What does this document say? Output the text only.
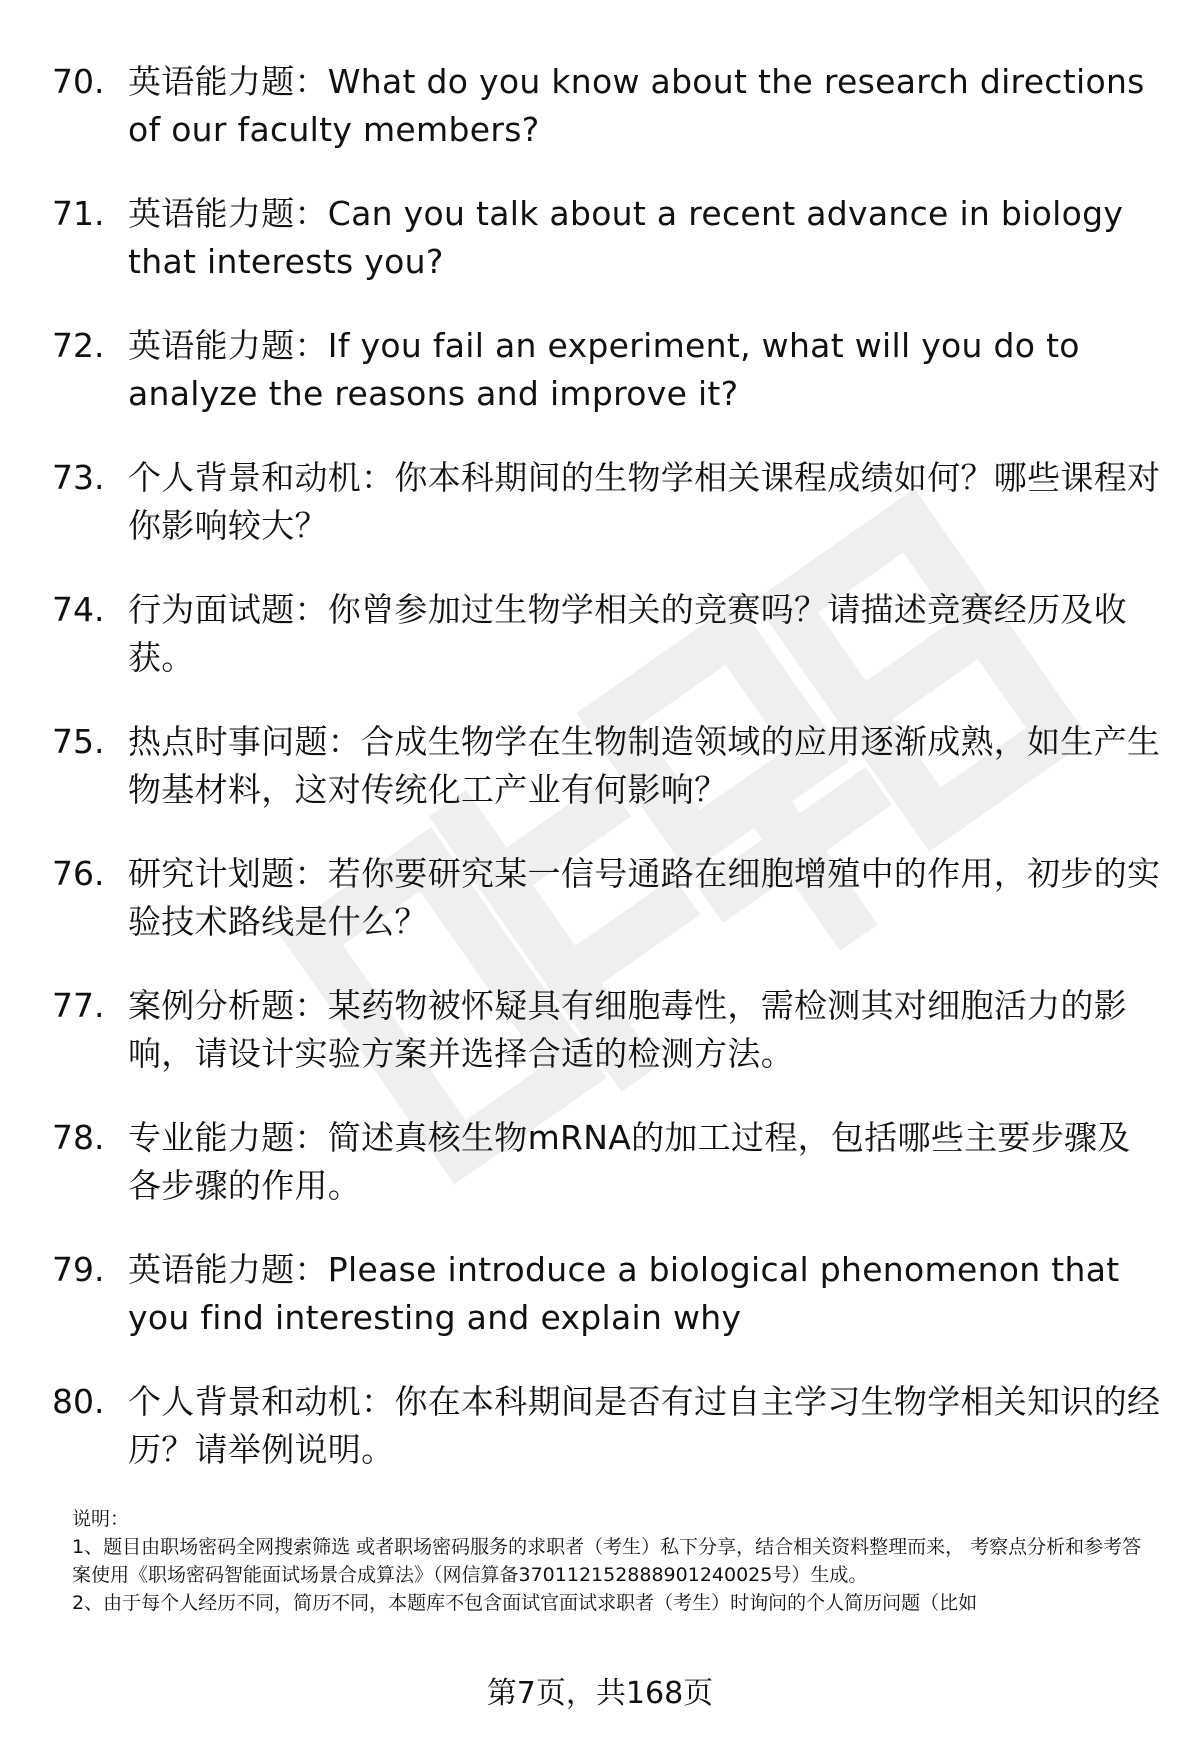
70. 英语能力题：What do you know about the research directions of our faculty members?
71. 英语能力题：Can you talk about a recent advance in biology that interests you?
72. 英语能力题：If you fail an experiment, what will you do to analyze the reasons and improve it?
73. 个人背景和动机：你本科期间的生物学相关课程成绩如何？哪些课程对你影响较大？
74. 行为面试题：你曾参加过生物学相关的竞赛吗？请描述竞赛经历及收获。
75. 热点时事问题：合成生物学在生物制造领域的应用逐渐成熟，如生产生物基材料，这对传统化工产业有何影响？
76. 研究计划题：若你要研究某一信号通路在细胞增殖中的作用，初步的实验技术路线是什么？
77. 案例分析题：某药物被怀疑具有细胞毒性，需检测其对细胞活力的影响，请设计实验方案并选择合适的检测方法。
78. 专业能力题：简述真核生物mRNA的加工过程，包括哪些主要步骤及各步骤的作用。
79. 英语能力题：Please introduce a biological phenomenon that you find interesting and explain why
80. 个人背景和动机：你在本科期间是否有过自主学习生物学相关知识的经历？请举例说明。

说明：

1、题目由职场密码全网搜索筛选 或者职场密码服务的求职者（考生）私下分享，结合相关资料整理而来， 考察点分析和参考答案使用《职场密码智能面试场景合成算法》（网信算备370112152888901240025号）生成。

2、由于每个人经历不同，简历不同，本题库不包含面试官面试求职者（考生）时询问的个人简历问题（比如

第7页，共168页
